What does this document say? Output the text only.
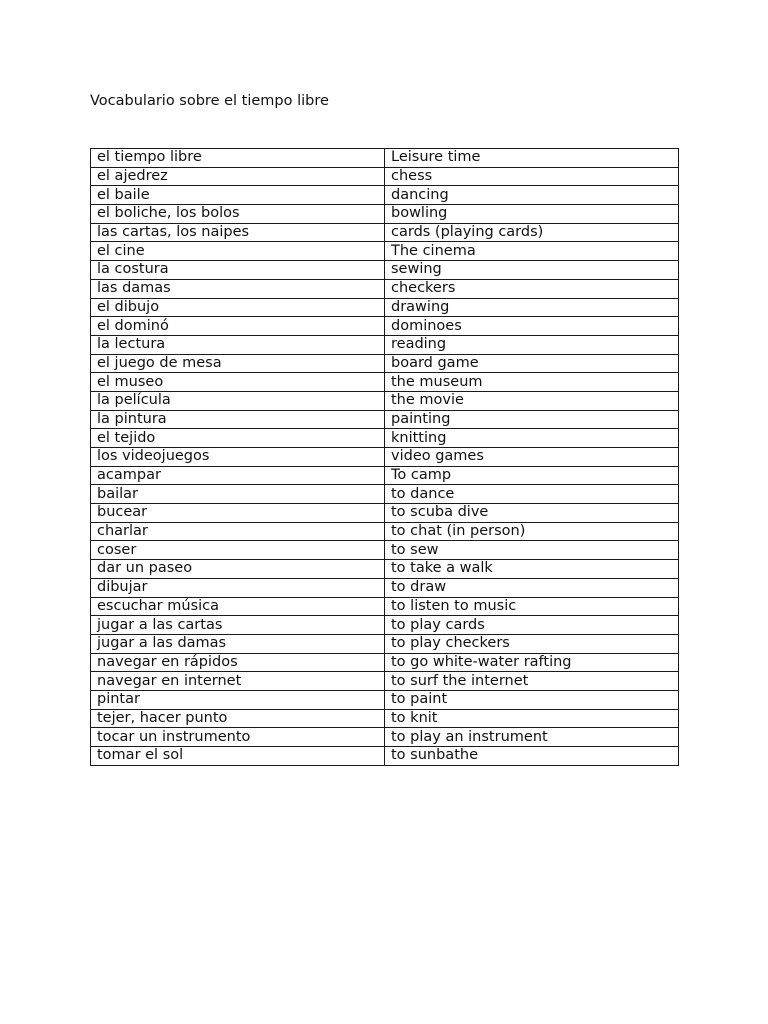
Vocabulario sobre el tiempo libre
el tiempo libre	Leisure time
el ajedrez	chess
el baile	dancing
el boliche, los bolos	bowling
las cartas, los naipes	cards (playing cards)
el cine	The cinema
la costura	sewing
las damas	checkers
el dibujo	drawing
el dominó	dominoes
la lectura	reading
el juego de mesa	board game
el museo	the museum
la película	the movie
la pintura	painting
el tejido	knitting
los videojuegos	video games
acampar	To camp
bailar	to dance
bucear	to scuba dive
charlar	to chat (in person)
coser	to sew
dar un paseo	to take a walk
dibujar	to draw
escuchar música	to listen to music
jugar a las cartas	to play cards
jugar a las damas	to play checkers
navegar en rápidos	to go white-water rafting
navegar en internet	to surf the internet
pintar	to paint
tejer, hacer punto	to knit
tocar un instrumento	to play an instrument
tomar el sol	to sunbathe
